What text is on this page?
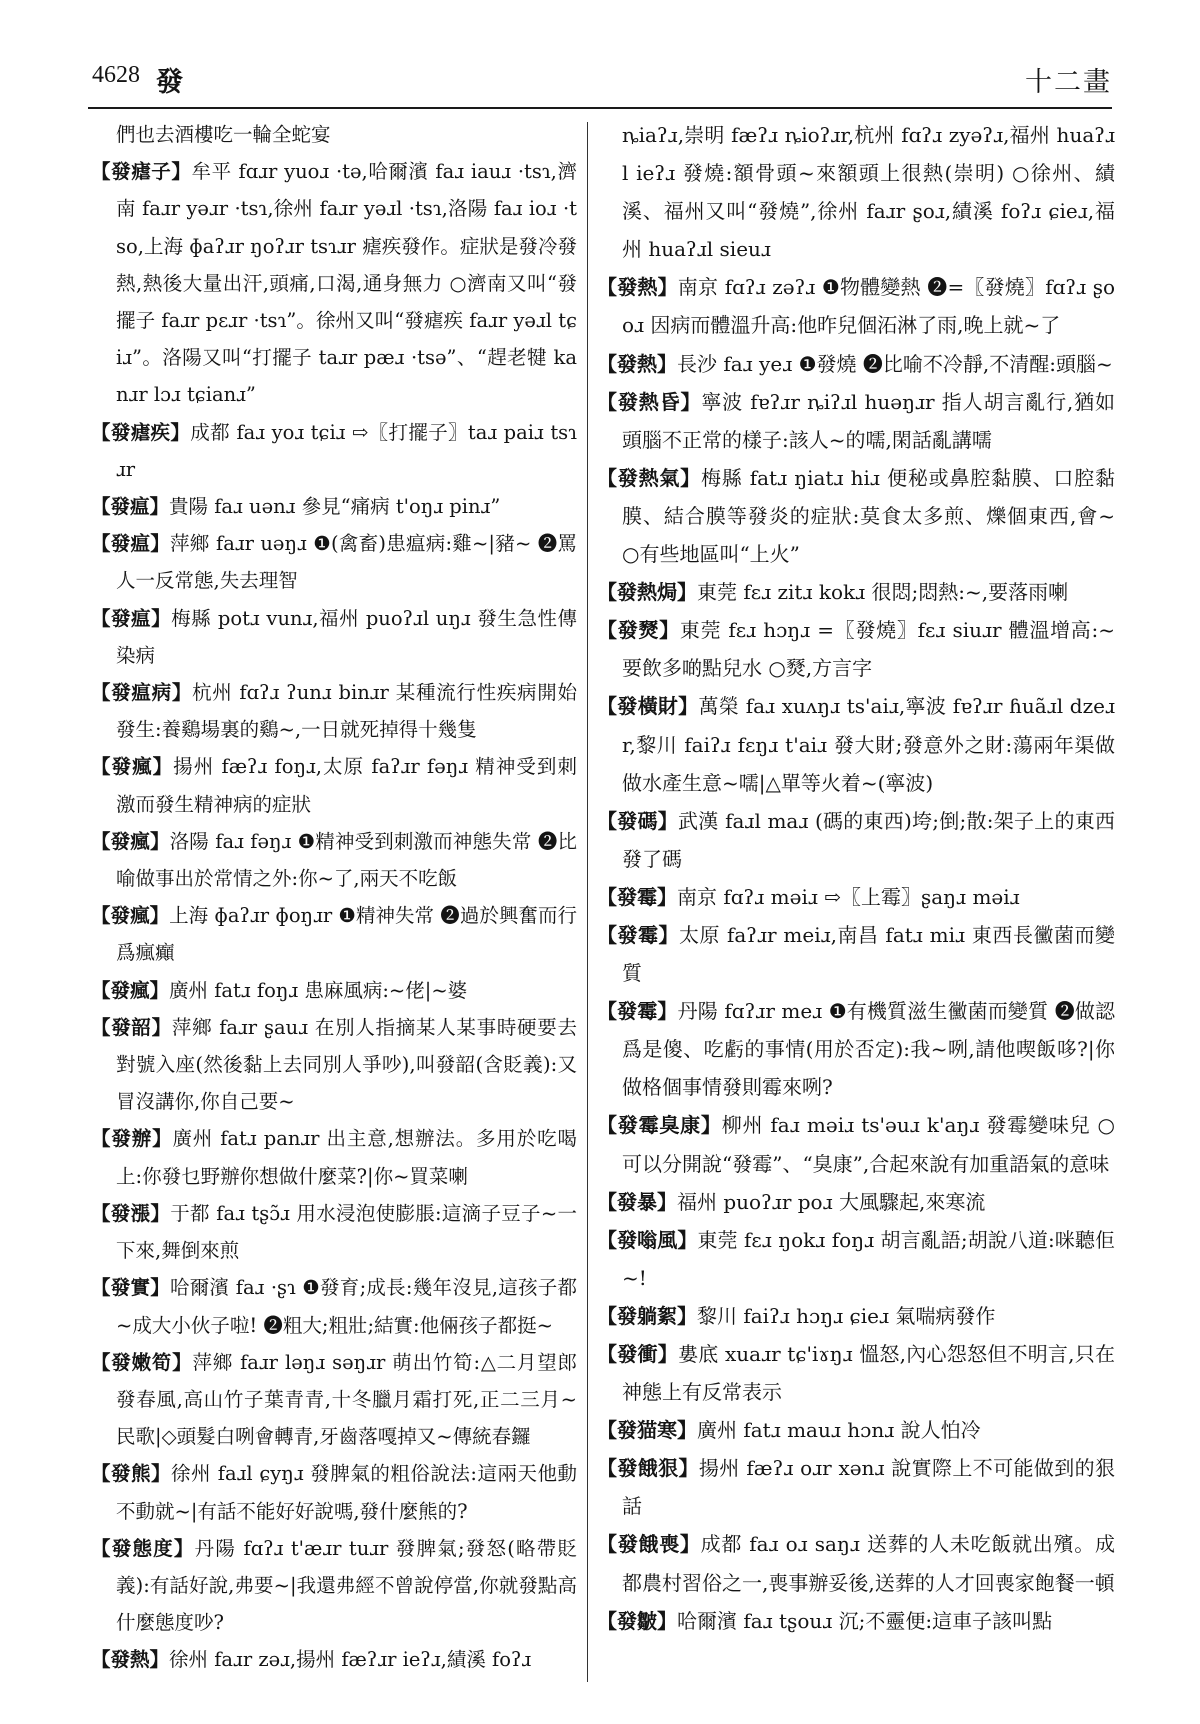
4628 發	十二畫

們也去酒樓吃一輪全蛇宴

【發瘧子】牟平 fɑɹr yuoɹ ·tə,哈爾濱 faɹ iauɹ ·tsɿ,濟南 faɹr yəɹr ·tsɿ,徐州 faɹr yəɹl ·tsɿ,洛陽 faɹ ioɹ ·tso,上海 ɸaʔɹr ŋoʔɹr tsɿɹr 瘧疾發作。症狀是發冷發熱,熱後大量出汗,頭痛,口渴,通身無力 ○濟南又叫“發擺子 faɹr pɛɹr ·tsɿ”。徐州又叫“發瘧疾 faɹr yəɹl tɕiɹ”。洛陽又叫“打擺子 taɹr pæɹ ·tsə”、“趕老犍 kanɹr lɔɹ tɕianɹ”

【發瘧疾】成都 faɹ yoɹ tɕiɹ ⇨〖打擺子〗taɹ paiɹ tsɿɹr

【發瘟】貴陽 faɹ uənɹ 參見“痛病 t'oŋɹ pinɹ”

【發瘟】萍鄉 faɹr uəŋɹ ❶(禽畜)患瘟病:雞~|豬~ ❷罵人一反常態,失去理智

【發瘟】梅縣 potɹ vunɹ,福州 puoʔɹl uŋɹ 發生急性傳染病

【發瘟病】杭州 fɑʔɹ ʔunɹ binɹr 某種流行性疾病開始發生:養鷄場裏的鷄~,一日就死掉得十幾隻

【發瘋】揚州 fæʔɹ foŋɹ,太原 faʔɹr fəŋɹ 精神受到刺激而發生精神病的症狀

【發瘋】洛陽 faɹ fəŋɹ ❶精神受到刺激而神態失常 ❷比喻做事出於常情之外:你~了,兩天不吃飯

【發瘋】上海 ɸaʔɹr ɸoŋɹr ❶精神失常 ❷過於興奮而行爲瘋癲

【發瘋】廣州 fatɹ foŋɹ 患麻風病:~佬|~婆

【發韶】萍鄉 faɹr ʂauɹ 在別人指摘某人某事時硬要去對號入座(然後黏上去同別人爭吵),叫發韶(含貶義):又冒沒講你,你自己要~

【發辦】廣州 fatɹ panɹr 出主意,想辦法。多用於吃喝上:你發乜野辦你想做什麼菜?|你~買菜喇

【發漲】于都 faɹ tʂɔ̃ɹ 用水浸泡使膨脹:這滴子豆子~一下來,舞倒來煎

【發實】哈爾濱 faɹ ·ʂɿ ❶發育;成長:幾年沒見,這孩子都~成大小伙子啦! ❷粗大;粗壯;結實:他倆孩子都挺~

【發嫩筍】萍鄉 faɹr ləŋɹ səŋɹr 萌出竹筍:△二月望郎發春風,高山竹子葉青青,十冬臘月霜打死,正二三月~民歌|◇頭髮白咧會轉青,牙齒落嘎掉又~傳統春鑼

【發熊】徐州 faɹl ɕyŋɹ 發脾氣的粗俗說法:這兩天他動不動就~|有話不能好好說嗎,發什麼熊的?

【發態度】丹陽 fɑʔɹ t'æɹr tuɹr 發脾氣;發怒(略帶貶義):有話好說,弗要~|我還弗經不曾說停當,你就發點高什麼態度吵?

【發熱】徐州 faɹr zəɹ,揚州 fæʔɹr ieʔɹ,績溪 foʔɹ

ȵiaʔɹ,崇明 fæʔɹ ȵioʔɹr,杭州 fɑʔɹ zyəʔɹ,福州 huaʔɹl ieʔɹ 發燒:額骨頭~來額頭上很熱(崇明) ○徐州、績溪、福州又叫“發燒”,徐州 faɹr ʂoɹ,績溪 foʔɹ ɕieɹ,福州 huaʔɹl sieuɹ

【發熱】南京 fɑʔɹ zəʔɹ ❶物體變熱 ❷=〖發燒〗fɑʔɹ ʂooɹ 因病而體溫升高:他昨兒個沰淋了雨,晚上就~了

【發熱】長沙 faɹ yeɹ ❶發燒 ❷比喻不冷靜,不清醒:頭腦~

【發熱昏】寧波 fɐʔɹr ȵiʔɹl huəŋɹr 指人胡言亂行,猶如頭腦不正常的樣子:該人~的嚅,閑話亂講嚅

【發熱氣】梅縣 fatɹ ŋiatɹ hiɹ 便秘或鼻腔黏膜、口腔黏膜、結合膜等發炎的症狀:莫食太多煎、爍個東西,會~ ○有些地區叫“上火”

【發熱焗】東莞 fɛɹ zitɹ kokɹ 很悶;悶熱:~,要落雨喇

【發燹】東莞 fɛɹ hɔŋɹ =〖發燒〗fɛɹ siuɹr 體溫增高:~要飲多啲點兒水 ○燹,方言字

【發橫財】萬榮 faɹ xuʌŋɹ ts'aiɹ,寧波 fɐʔɹr ɦuãɹl dzeɹr,黎川 faiʔɹ fɛŋɹ t'aiɹ 發大財;發意外之財:蕩兩年渠做做水產生意~嚅|△單等火着~(寧波)

【發碼】武漢 faɹl maɹ (碼的東西)垮;倒;散:架子上的東西發了碼

【發霉】南京 fɑʔɹ məiɹ ⇨〖上霉〗ʂaŋɹ məiɹ

【發霉】太原 faʔɹr meiɹ,南昌 fatɹ miɹ 東西長黴菌而變質

【發霉】丹陽 fɑʔɹr meɹ ❶有機質滋生黴菌而變質 ❷做認爲是傻、吃虧的事情(用於否定):我~咧,請他喫飯哆?|你做格個事情發則霉來咧?

【發霉臭康】柳州 faɹ məiɹ ts'əuɹ k'aŋɹ 發霉變味兒 ○可以分開說“發霉”、“臭康”,合起來說有加重語氣的意味

【發暴】福州 puoʔɹr poɹ 大風驟起,來寒流

【發嗡風】東莞 fɛɹ ŋokɹ foŋɹ 胡言亂語;胡說八道:咪聽佢~!

【發躺絮】黎川 faiʔɹ hɔŋɹ ɕieɹ 氣喘病發作

【發衝】婁底 xuaɹr tɕ'iɤŋɹ 慍怒,內心怨怒但不明言,只在神態上有反常表示

【發猫寒】廣州 fatɹ mauɹ hɔnɹ 說人怕冷

【發餓狠】揚州 fæʔɹ oɹr xənɹ 說實際上不可能做到的狠話

【發餓喪】成都 faɹ oɹ saŋɹ 送葬的人未吃飯就出殯。成都農村習俗之一,喪事辦妥後,送葬的人才回喪家飽餐一頓

【發皺】哈爾濱 faɹ tʂouɹ 沉;不靈便:這車子該叫點
